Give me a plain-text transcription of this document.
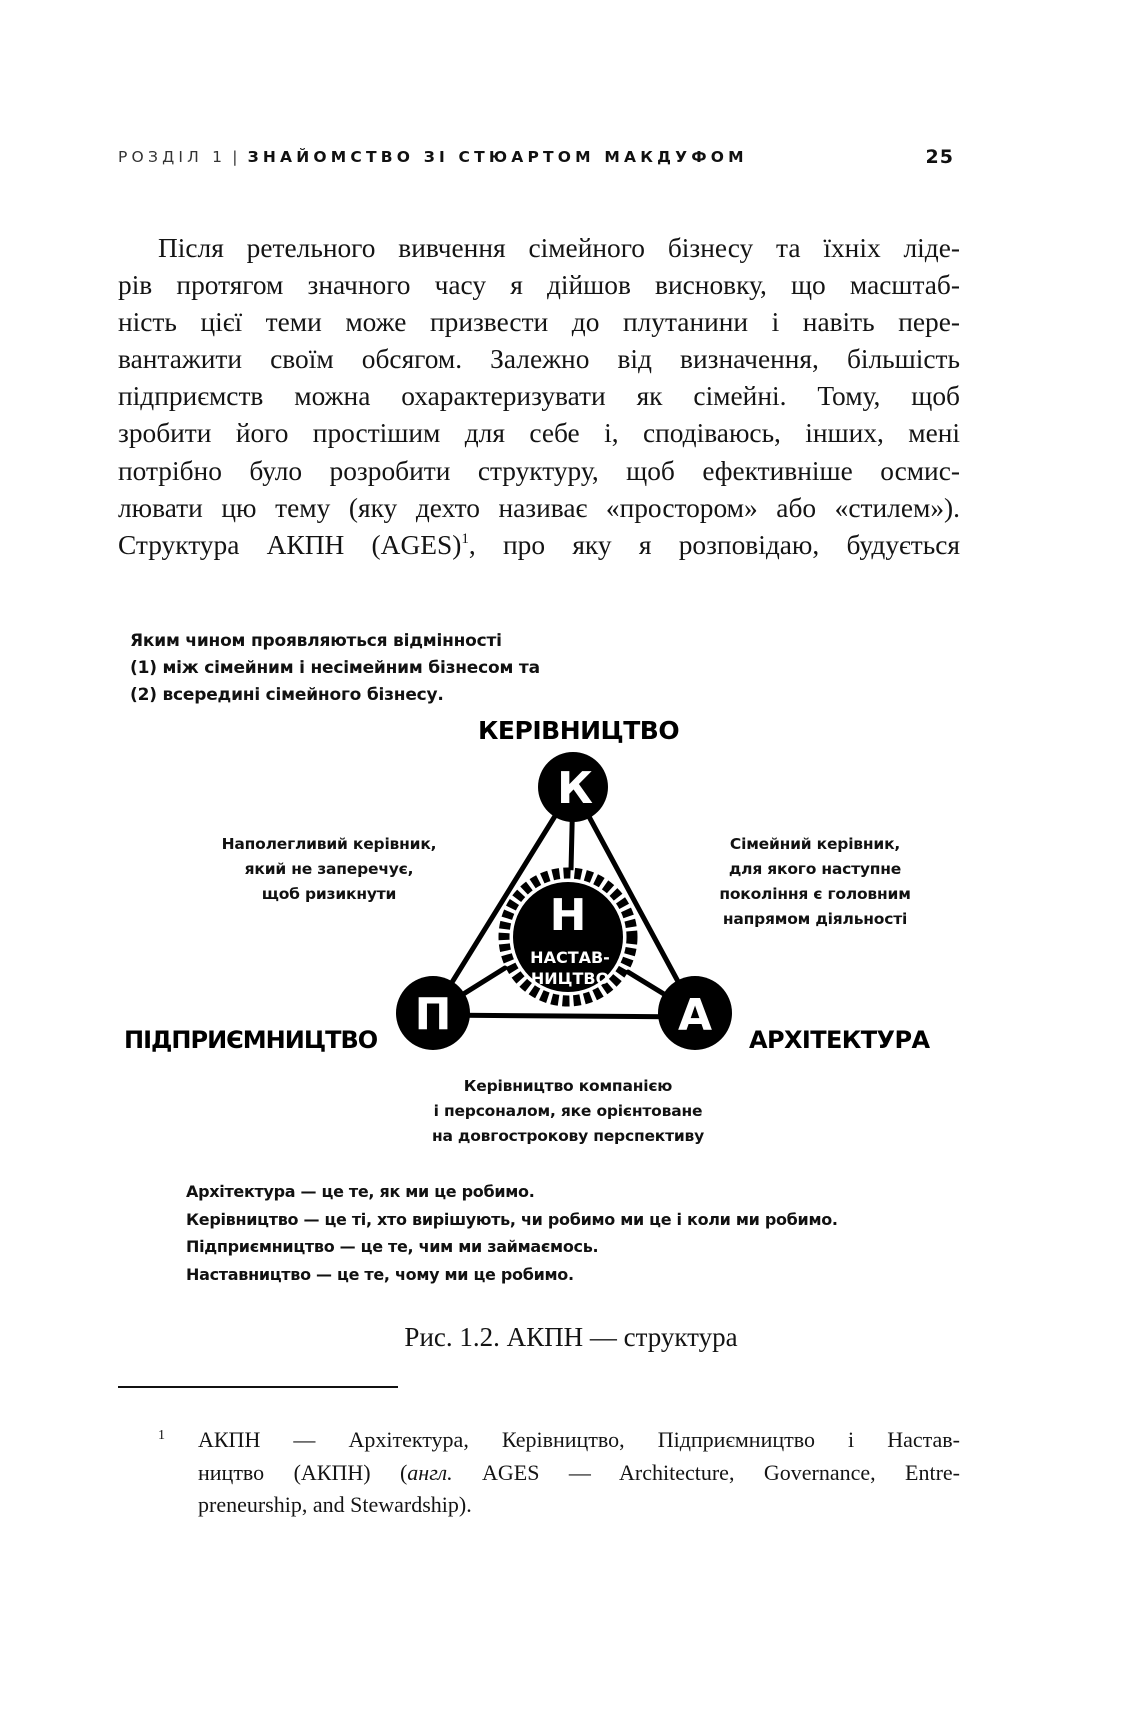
РОЗДІЛ 1 | ЗНАЙОМСТВО ЗІ СТЮАРТОМ МАКДУФОМ	25
Після ретельного вивчення сімейного бізнесу та їхніх лідe-
рів протягом значного часу я дійшов висновку, що масштаб-
ність цієї теми може призвести до плутанини і навіть пере-
вантажити своїм обсягом. Залежно від визначення, більшість
підприємств можна охарактеризувати як сімейні. Тому, щоб
зробити його простішим для себе і, сподіваюсь, інших, мені
потрібно було розробити структуру, щоб ефективніше осмис-
лювати цю тему (яку дехто називає «простором» або «стилем»).
Структура АКПН (AGES)$^1$, про яку я розповідаю, будується
Н
НАСТАВ-
НИЦТВО
К
П	А
Яким чином проявляються відмінності
(1) між сімейним і несімейним бізнесом та
(2) всередині сімейного бізнесу.
КЕРІВНИЦТВО
ПІДПРИЄМНИЦТВО	АРХІТЕКТУРА
Наполегливий керівник,
який не заперечує,
щоб ризикнути
Сімейний керівник,
для якого наступне
покоління є головним
напрямом діяльності
Керівництво компанією
і персоналом, яке орієнтоване
на довгострокову перспективу
Архітектура — це те, як ми це робимо.
Керівництво — це ті, хто вирішують, чи робимо ми це і коли ми робимо.
Підприємництво — це те, чим ми займаємось.
Наставництво — це те, чому ми це робимо.
Рис. 1.2. АКПН — структура
1 АКПН — Архітектура, Керівництво, Підприємництво і Настав-
ництво (АКПН) (англ. AGES — Architecture, Governance, Entre-
preneurship, and Stewardship).
